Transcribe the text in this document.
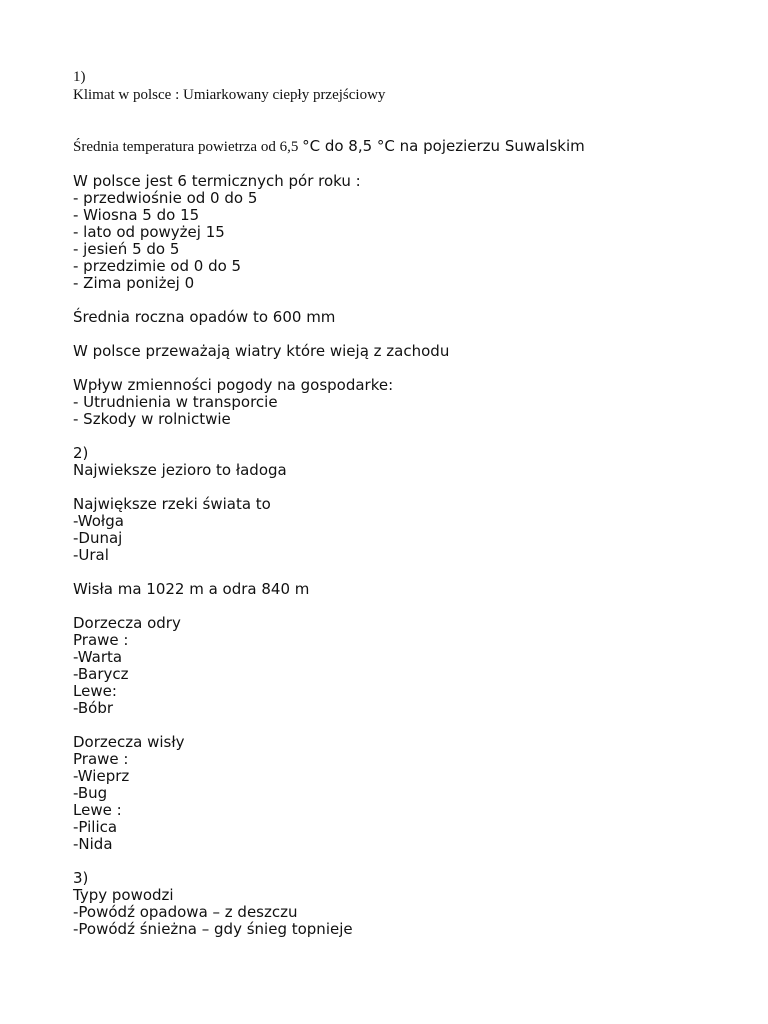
1)
Klimat w polsce : Umiarkowany ciepły przejściowy
Średnia temperatura powietrza od 6,5 °C do 8,5 °C na pojezierzu Suwalskim
W polsce jest 6 termicznych pór roku :
- przedwiośnie od 0 do 5
- Wiosna 5 do 15
- lato od powyżej 15
- jesień 5 do 5
- przedzimie od 0 do 5
- Zima poniżej 0
Średnia roczna opadów to 600 mm
W polsce przeważają wiatry które wieją z zachodu
Wpływ zmienności pogody na gospodarke:
- Utrudnienia w transporcie
- Szkody w rolnictwie
2)
Najwieksze jezioro to ładoga
Największe rzeki świata to
-Wołga
-Dunaj
-Ural
Wisła ma 1022 m a odra 840 m
Dorzecza odry
Prawe :
-Warta
-Barycz
Lewe:
-Bóbr
Dorzecza wisły
Prawe :
-Wieprz
-Bug
Lewe :
-Pilica
-Nida
3)
Typy powodzi
-Powódź opadowa – z deszczu
-Powódź śnieżna – gdy śnieg topnieje
